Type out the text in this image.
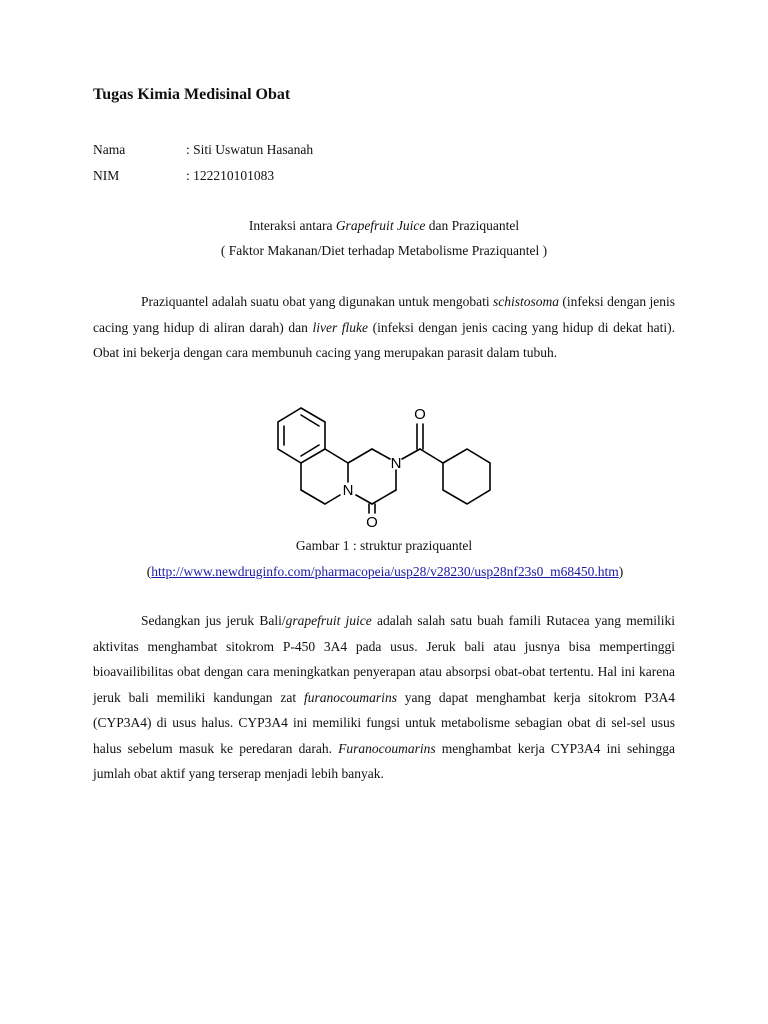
Tugas Kimia Medisinal Obat
Nama	: Siti Uswatun Hasanah
NIM	: 122210101083
Interaksi antara Grapefruit Juice dan Praziquantel
( Faktor Makanan/Diet terhadap Metabolisme Praziquantel )

Praziquantel adalah suatu obat yang digunakan untuk mengobati schistosoma (infeksi dengan jenis cacing yang hidup di aliran darah) dan liver fluke (infeksi dengan jenis cacing yang hidup di dekat hati). Obat ini bekerja dengan cara membunuh cacing yang merupakan parasit dalam tubuh.

O
N
N
O
Gambar 1 : struktur praziquantel
(http://www.newdruginfo.com/pharmacopeia/usp28/v28230/usp28nf23s0_m68450.htm)

Sedangkan jus jeruk Bali/grapefruit juice adalah salah satu buah famili Rutacea yang memiliki aktivitas menghambat sitokrom P-450 3A4 pada usus. Jeruk bali atau jusnya bisa mempertinggi bioavailibilitas obat dengan cara meningkatkan penyerapan atau absorpsi obat-obat tertentu. Hal ini karena jeruk bali memiliki kandungan zat furanocoumarins yang dapat menghambat kerja sitokrom P3A4 (CYP3A4) di usus halus. CYP3A4 ini memiliki fungsi untuk metabolisme sebagian obat di sel-sel usus halus sebelum masuk ke peredaran darah. Furanocoumarins menghambat kerja CYP3A4 ini sehingga jumlah obat aktif yang terserap menjadi lebih banyak.
